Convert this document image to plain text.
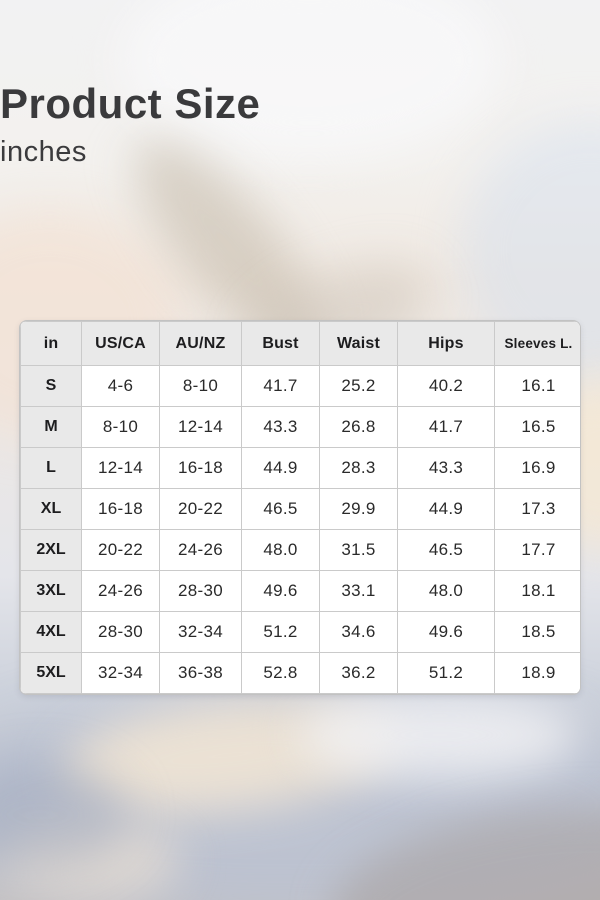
Product Size
inches
in	US/CA	AU/NZ	Bust	Waist	Hips	Sleeves L.
S	4-6	8-10	41.7	25.2	40.2	16.1
M	8-10	12-14	43.3	26.8	41.7	16.5
L	12-14	16-18	44.9	28.3	43.3	16.9
XL	16-18	20-22	46.5	29.9	44.9	17.3
2XL	20-22	24-26	48.0	31.5	46.5	17.7
3XL	24-26	28-30	49.6	33.1	48.0	18.1
4XL	28-30	32-34	51.2	34.6	49.6	18.5
5XL	32-34	36-38	52.8	36.2	51.2	18.9
